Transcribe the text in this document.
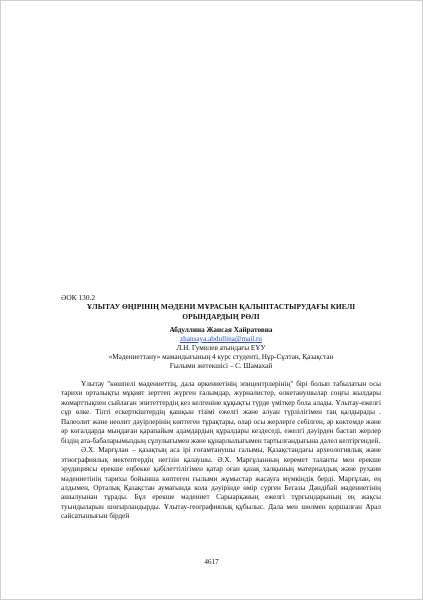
ӘОК 130.2

ҰЛЫТАУ ӨҢІРІНІҢ МӘДЕНИ МҰРАСЫН ҚАЛЫПТАСТЫРУДАҒЫ КИЕЛІ
ОРЫНДАРДЫҢ РӨЛІ

Абдуллина Жансая Хайратовна

zhansaya.abdullina@mail.ru

Л.Н. Гумилев атындағы ЕҰУ

«Мәдениеттану» мамандығының 4 курс студенті, Нұр-Сұлтан, Қазақстан

Ғылыми жетекшісі – С. Шамахай

Ұлытау "көшпелі мәдениеттің, дала өркениетінің эпицентрлерінің" бірі болып табылатын осы тарихи орталықты мұқият зерттеп жүрген ғалымдар, журналистер, өлкетанушылар соңғы жылдары жомарттықпен сыйлаған эпитеттердің кез келгеніне құқықты түрде үміткер бола алады. Ұлытау-ежелгі сұр өлке. Тіпті ескерткіштердің қашқын тізімі ежелгі және алуан түрлілігімен таң қалдырады . Палеолит және неолит дәуірлерінің көптеген тұрақтары, олар осы жерлерге себілген, әр көктемде және әр көгалдарда мыңдаған қарапайым адамдардың құралдары кездеседі, ежелгі дәуірден бастап жерлер біздің ата-бабаларымыздың сұлулығымен және құнарлылығымен тартылғандығына дәлел келтіргендей.

Ә.Х. Марғұлан – қазақтың аса ірі ғоғамтанушы ғалымы, Қазақстандағы археологиялық және этнографиялық мектептердің негізін қалаушы. Ә.Х. Марғұланның керемет таланты мен ерекше эрудициясы ерекше еңбекке қабілеттілігімен қатар оған қазақ халқының материалдық және рухани мәдениетінің тарихы бойынша көптеген ғылыми жұмыстар жасауға мүмкіндік берді. Марғұлан, ең алдымен, Орталық Қазақстан аумағында кола дәуірінде өмір сүрген Бегазы Дәндібай мәдениетінің ашылуынан тұрады. Бұл ерекше мәдениет Сарыарқаның ежелгі тұрғындарының ең жақсы туындыларын шоғырландырды. Ұлытау-географиялық құбылыс. Дала мен шөлмен қоршалған Арал сайсатышығын бірдей

4617
